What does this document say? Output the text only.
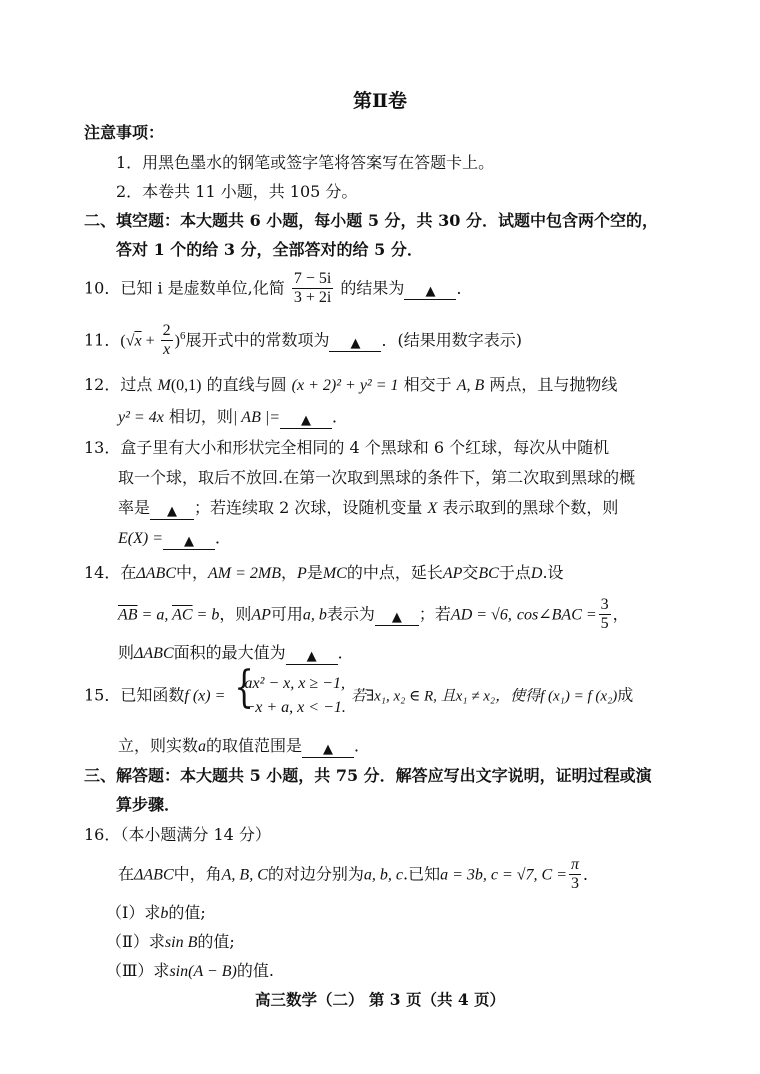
第Ⅱ卷
注意事项：
1．用黑色墨水的钢笔或签字笔将答案写在答题卡上。
2．本卷共 11 小题，共 105 分。
二、填空题：本大题共 6 小题，每小题 5 分，共 30 分．试题中包含两个空的，
答对 1 个的给 3 分，全部答对的给 5 分．
10．已知 i 是虚数单位,化简 $\frac{7 - 5i}{3 + 2i}$ 的结果为 ▲ ．
11．$(√x + \frac{2}{x} )^6$展开式中的常数项为 ▲ ．(结果用数字表示)
12．过点 M(0,1) 的直线与圆 (x + 2)² + y² = 1 相交于 A, B 两点，且与抛物线
y² = 4x 相切，则| AB |= ▲ ．
13．盒子里有大小和形状完全相同的 4 个黑球和 6 个红球，每次从中随机
取一个球，取后不放回.在第一次取到黑球的条件下，第二次取到黑球的概
率是 ▲ ；若连续取 2 次球，设随机变量 X 表示取到的黑球个数，则
E(X) = ▲ ．
14．在ΔABC中，AM = 2MB，P是MC的中点，延长AP交BC于点D.设
$\overline{AB} = a$, $\overline{AC} = b$，则AP可用a, b表示为 ▲ ；若AD = √6, cos∠BAC = $\frac{3}{5}$ ，
则ΔABC面积的最大值为 ▲ ．
15．已知函数f (x) = {
ax² − x, x ≥ −1,
−x + a, x < −1.
若∃x₁, x₂ ∈ R, 且x₁ ≠ x₂，使得f (x₁) = f (x₂)成
立，则实数a的取值范围是 ▲ ．
三、解答题：本大题共 5 小题，共 75 分．解答应写出文字说明，证明过程或演
算步骤．
16．（本小题满分 14 分）
在ΔABC中，角A, B, C的对边分别为a, b, c.已知a = 3b, c = √7, $C = \frac{\pi}{3}$ ．
（Ⅰ）求b的值;
（Ⅱ）求sin B的值;
（Ⅲ）求sin(A − B)的值.
高三数学（二） 第 3 页（共 4 页）
